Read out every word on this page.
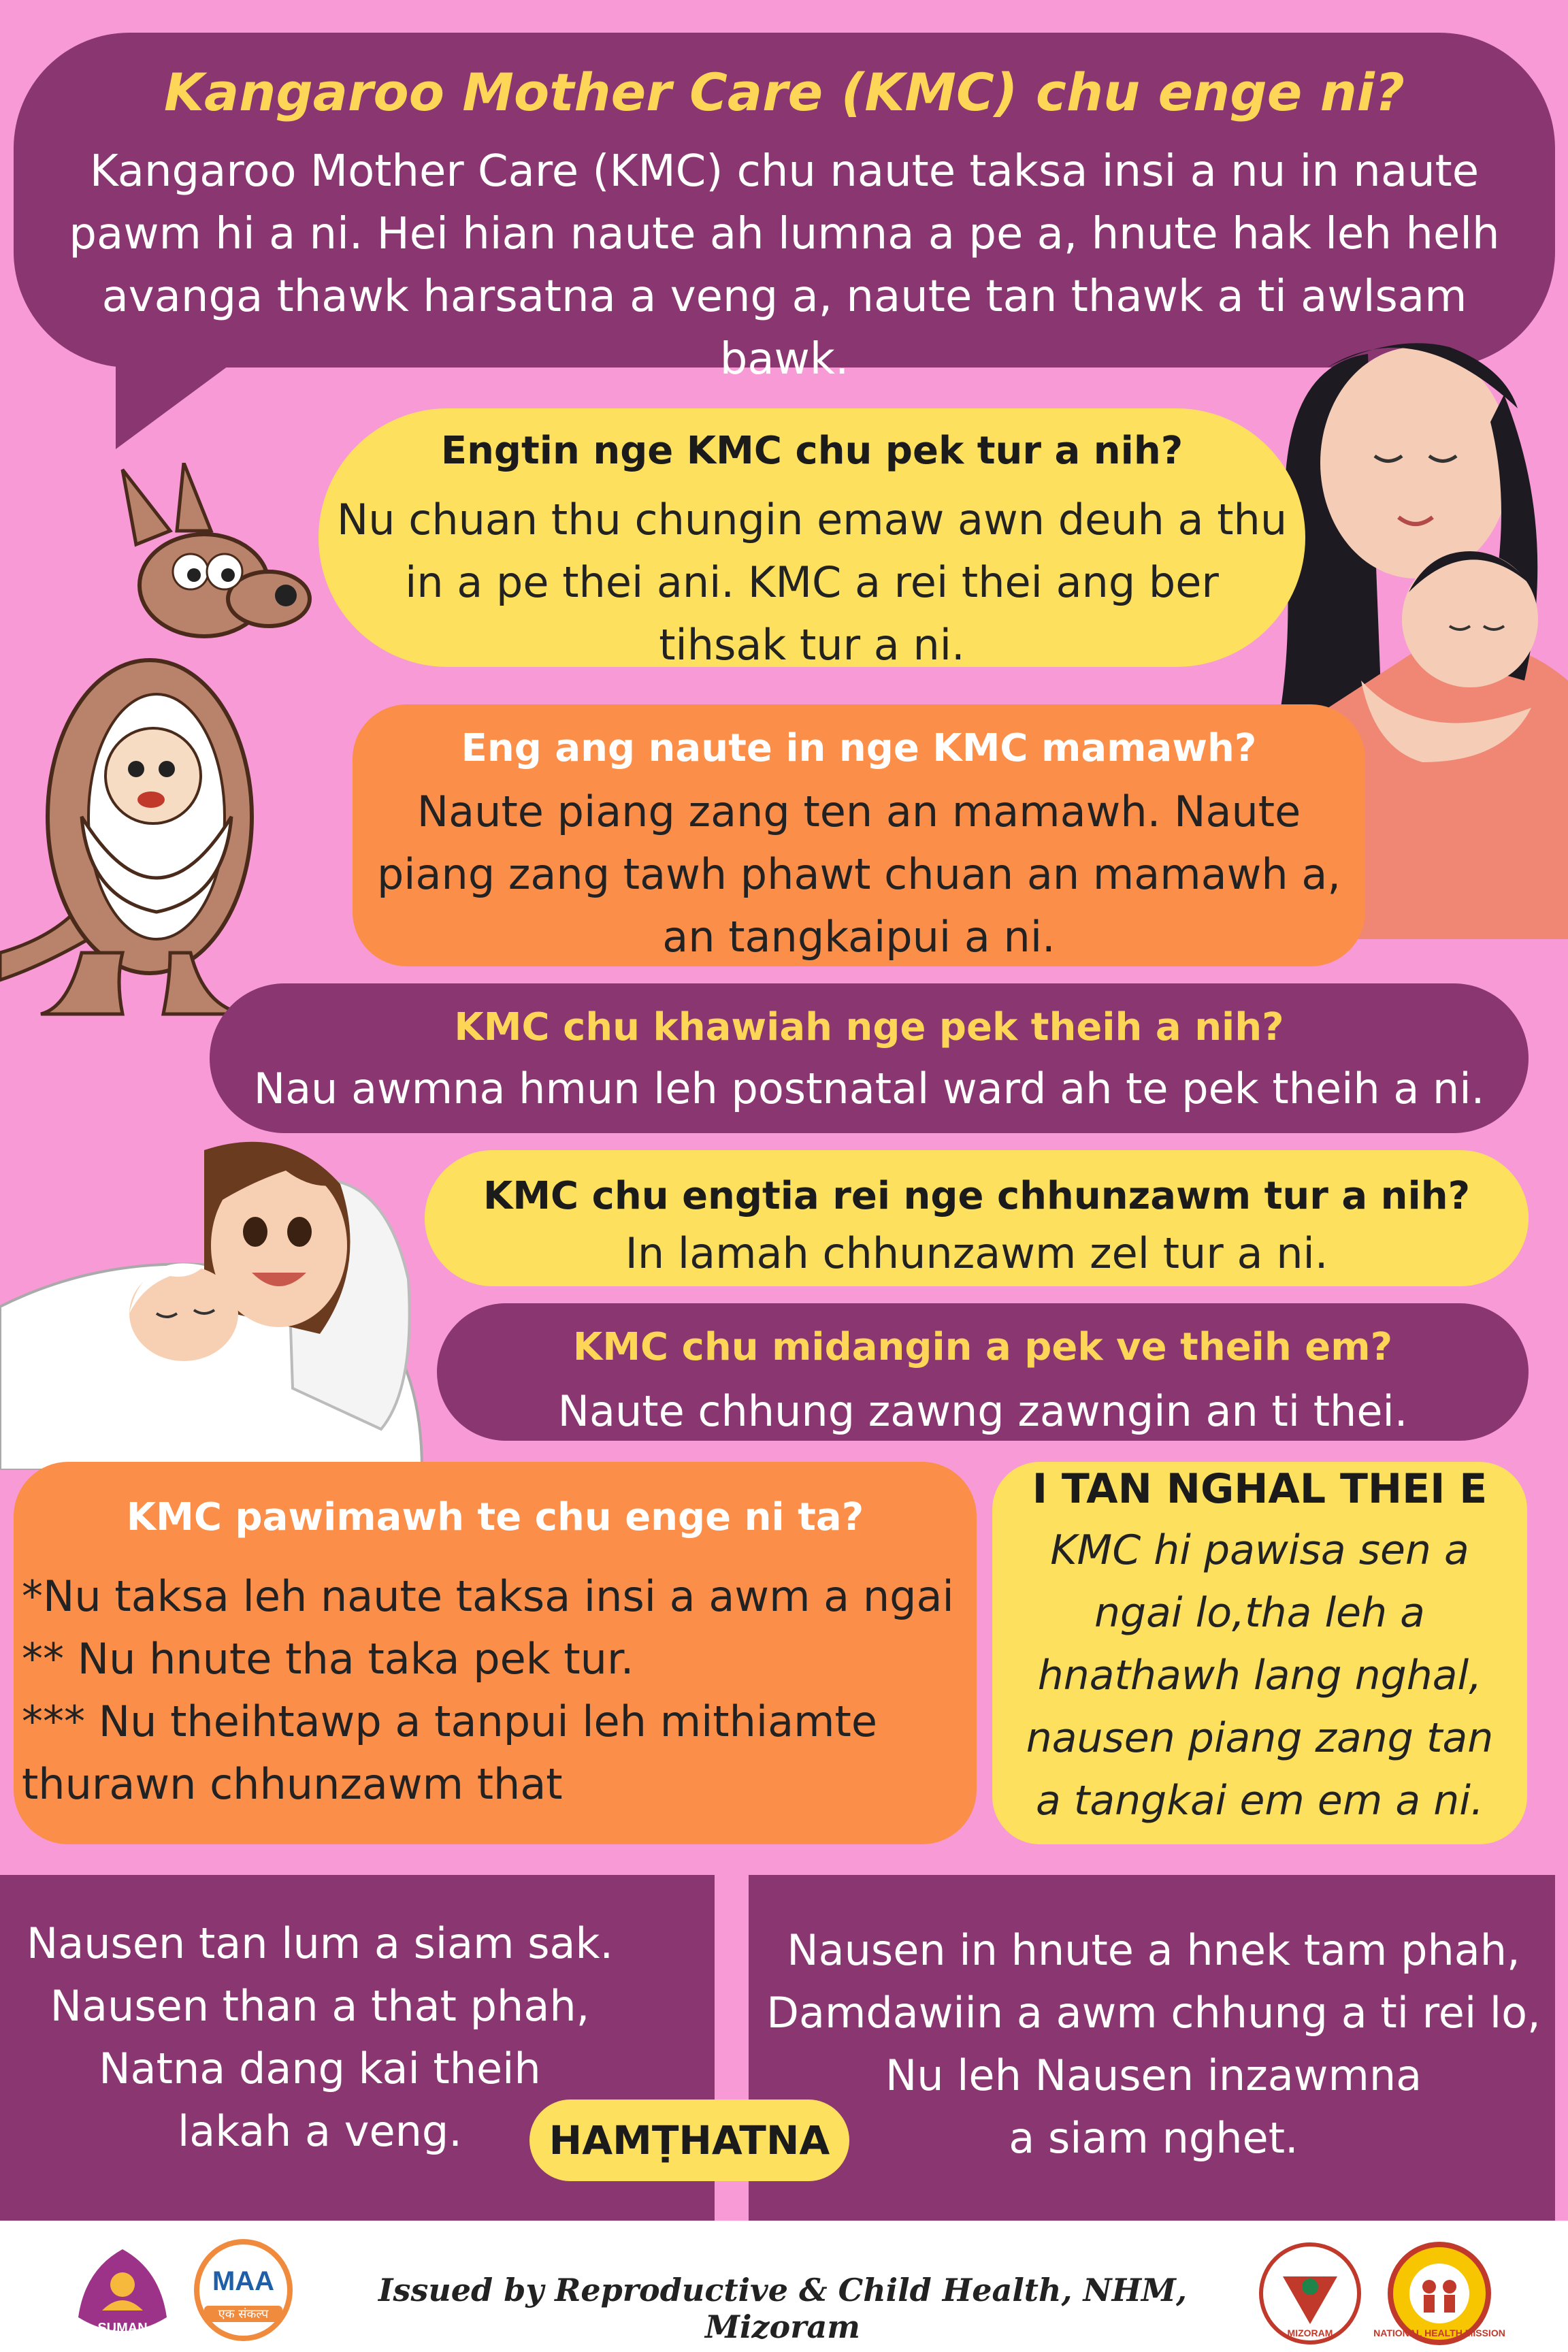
Kangaroo Mother Care (KMC) chu enge ni?
Kangaroo Mother Care (KMC) chu naute taksa insi a nu in naute
pawm hi a ni. Hei hian naute ah lumna a pe a, hnute hak leh helh
avanga thawk harsatna a veng a, naute tan thawk a ti awlsam bawk.
Engtin nge KMC chu pek tur a nih?
Nu chuan thu chungin emaw awn deuh a thu
in a pe thei ani. KMC a rei thei ang ber
tihsak tur a ni.
Eng ang naute in nge KMC mamawh?
Naute piang zang ten an mamawh. Naute
piang zang tawh phawt chuan an mamawh a,
an tangkaipui a ni.
KMC chu khawiah nge pek theih a nih?
Nau awmna hmun leh postnatal ward ah te pek theih a ni.
KMC chu engtia rei nge chhunzawm tur a nih?
In lamah chhunzawm zel tur a ni.
KMC chu midangin a pek ve theih em?
Naute chhung zawng zawngin an ti thei.
KMC pawimawh te chu enge ni ta?
*Nu taksa leh naute taksa insi a awm a ngai
** Nu hnute tha taka pek tur.
*** Nu theihtawp a tanpui leh mithiamte
thurawn chhunzawm that
I TAN NGHAL THEI E
KMC hi pawisa sen a
ngai lo,tha leh a
hnathawh lang nghal,
nausen piang zang tan
a tangkai em em a ni.
Nausen tan lum a siam sak.
Nausen than a that phah,
Natna dang kai theih
lakah a veng.
Nausen in hnute a hnek tam phah,
Damdawiin a awm chhung a ti rei lo,
Nu leh Nausen inzawmna
a siam nghet.
HAMṬHATNA
SUMAN
MAA
एक संकल्प
Issued by Reproductive & Child Health, NHM, Mizoram	MIZORAM	NATIONAL HEALTH MISSION
